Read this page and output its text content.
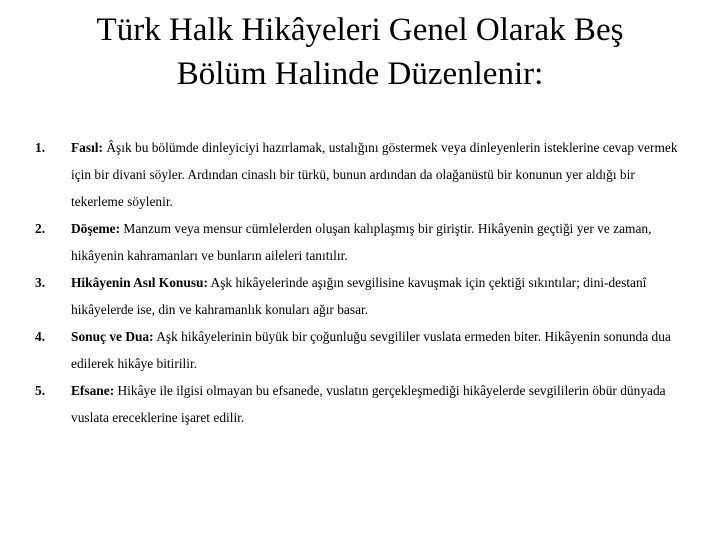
Türk Halk Hikâyeleri Genel Olarak Beş
Bölüm Halinde Düzenlenir:
1. Fasıl: Âşık bu bölümde dinleyiciyi hazırlamak, ustalığını göstermek veya dinleyenlerin isteklerine cevap vermek için bir divani söyler. Ardından cinaslı bir türkü, bunun ardından da olağanüstü bir konunun yer aldığı bir tekerleme söylenir.
2. Döşeme: Manzum veya mensur cümlelerden oluşan kalıplaşmış bir giriştir. Hikâyenin geçtiği yer ve zaman, hikâyenin kahramanları ve bunların aileleri tanıtılır.
3. Hikâyenin Asıl Konusu: Aşk hikâyelerinde aşığın sevgilisine kavuşmak için çektiği sıkıntılar; dini-destanî hikâyelerde ise, din ve kahramanlık konuları ağır basar.
4. Sonuç ve Dua: Aşk hikâyelerinin büyük bir çoğunluğu sevgililer vuslata ermeden biter. Hikâyenin sonunda dua edilerek hikâye bitirilir.
5. Efsane: Hikâye ile ilgisi olmayan bu efsanede, vuslatın gerçekleşmediği hikâyelerde sevgililerin öbür dünyada vuslata ereceklerine işaret edilir.
